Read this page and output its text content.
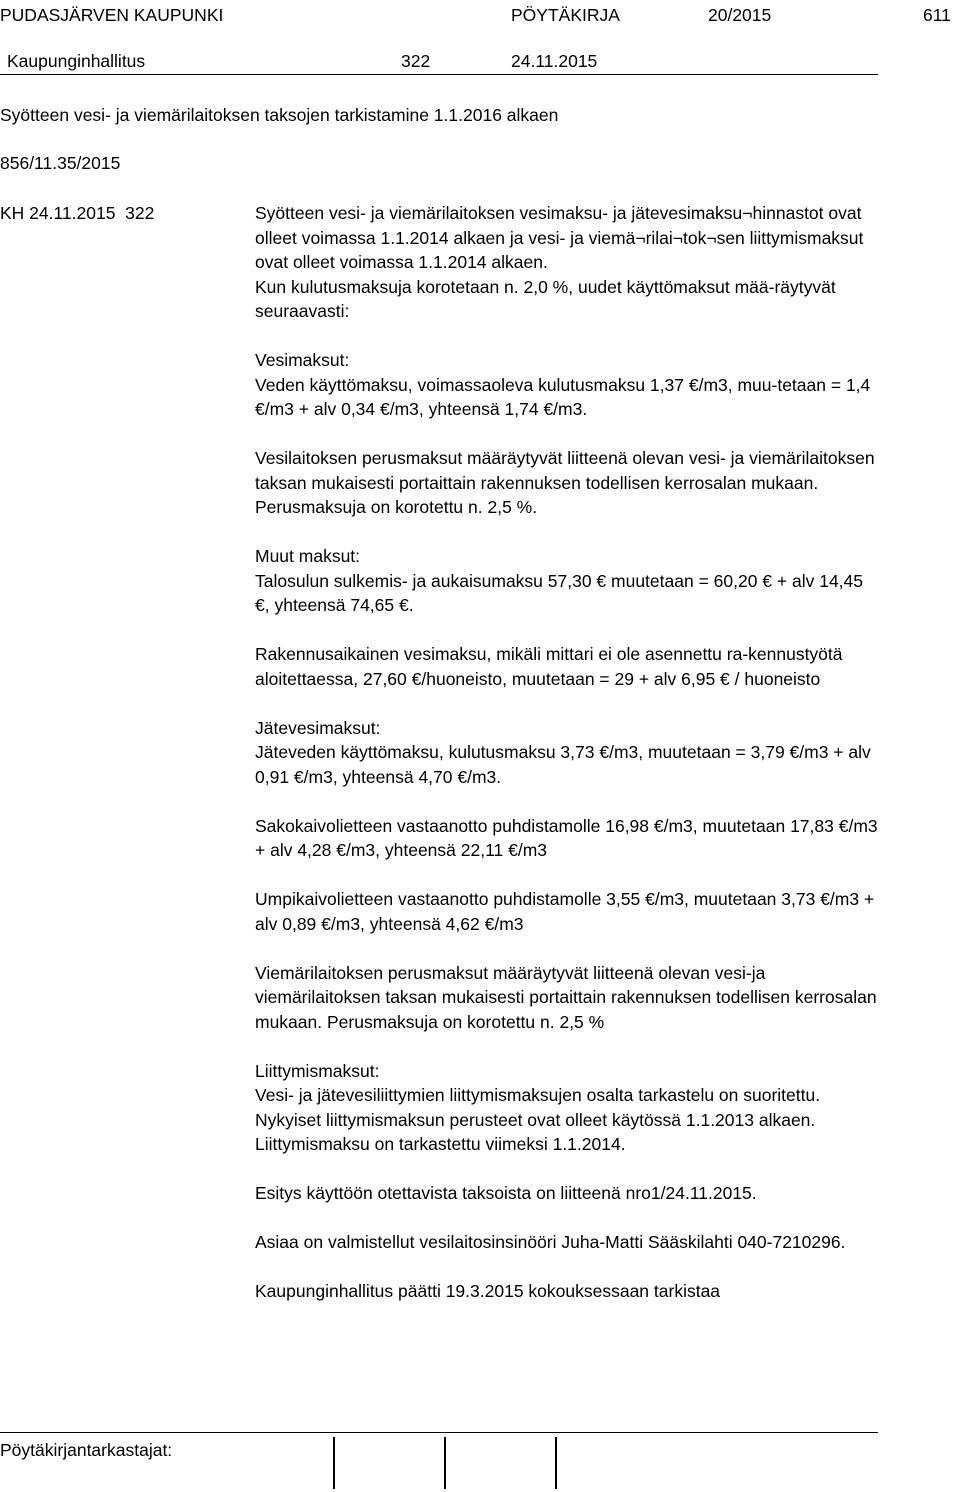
PUDASJÄRVEN KAUPUNKI	PÖYTÄKIRJA	20/2015	611
Kaupunginhallitus	322	24.11.2015
Syötteen vesi- ja viemärilaitoksen taksojen tarkistamine 1.1.2016 alkaen
856/11.35/2015
KH 24.11.2015  322	Syötteen vesi- ja viemärilaitoksen vesimaksu- ja jätevesimaksu¬hinnastot ovat olleet voimassa 1.1.2014 alkaen ja vesi- ja viemä¬rilai¬tok¬sen liittymismaksut ovat olleet voimassa 1.1.2014 alkaen.

Kun kulutusmaksuja korotetaan n. 2,0 %, uudet käyttömaksut mää-räytyvät seuraavasti:

Vesimaksut:

Veden käyttömaksu, voimassaoleva kulutusmaksu 1,37 €/m3, muu-tetaan = 1,4 €/m3 + alv 0,34 €/m3, yhteensä 1,74 €/m3.

Vesilaitoksen perusmaksut määräytyvät liitteenä olevan vesi- ja viemärilaitoksen taksan mukaisesti portaittain rakennuksen todellisen kerrosalan mukaan. Perusmaksuja on korotettu n. 2,5 %.

Muut maksut:

Talosulun sulkemis- ja aukaisumaksu 57,30 € muutetaan = 60,20 € + alv 14,45 €, yhteensä 74,65 €.

Rakennusaikainen vesimaksu, mikäli mittari ei ole asennettu ra-kennustyötä aloitettaessa, 27,60 €/huoneisto, muutetaan = 29 + alv 6,95 € / huoneisto

Jätevesimaksut:

Jäteveden käyttömaksu, kulutusmaksu 3,73 €/m3, muutetaan = 3,79 €/m3 + alv 0,91 €/m3, yhteensä 4,70 €/m3.

Sakokaivolietteen vastaanotto puhdistamolle 16,98 €/m3, muutetaan 17,83 €/m3 + alv 4,28 €/m3, yhteensä 22,11 €/m3

Umpikaivolietteen vastaanotto puhdistamolle 3,55 €/m3, muutetaan 3,73 €/m3 + alv 0,89 €/m3, yhteensä 4,62 €/m3

Viemärilaitoksen perusmaksut määräytyvät liitteenä olevan vesi-ja viemärilaitoksen taksan mukaisesti portaittain rakennuksen todellisen kerrosalan mukaan. Perusmaksuja on korotettu n. 2,5 %

Liittymismaksut:

Vesi- ja jätevesiliittymien liittymismaksujen osalta tarkastelu on suoritettu. Nykyiset liittymismaksun perusteet ovat olleet käytössä 1.1.2013 alkaen. Liittymismaksu on tarkastettu viimeksi 1.1.2014.

Esitys käyttöön otettavista taksoista on liitteenä nro1/24.11.2015.

Asiaa on valmistellut vesilaitosinsinööri Juha-Matti Sääskilahti 040-7210296.

Kaupunginhallitus päätti 19.3.2015 kokouksessaan tarkistaa

Pöytäkirjantarkastajat:
